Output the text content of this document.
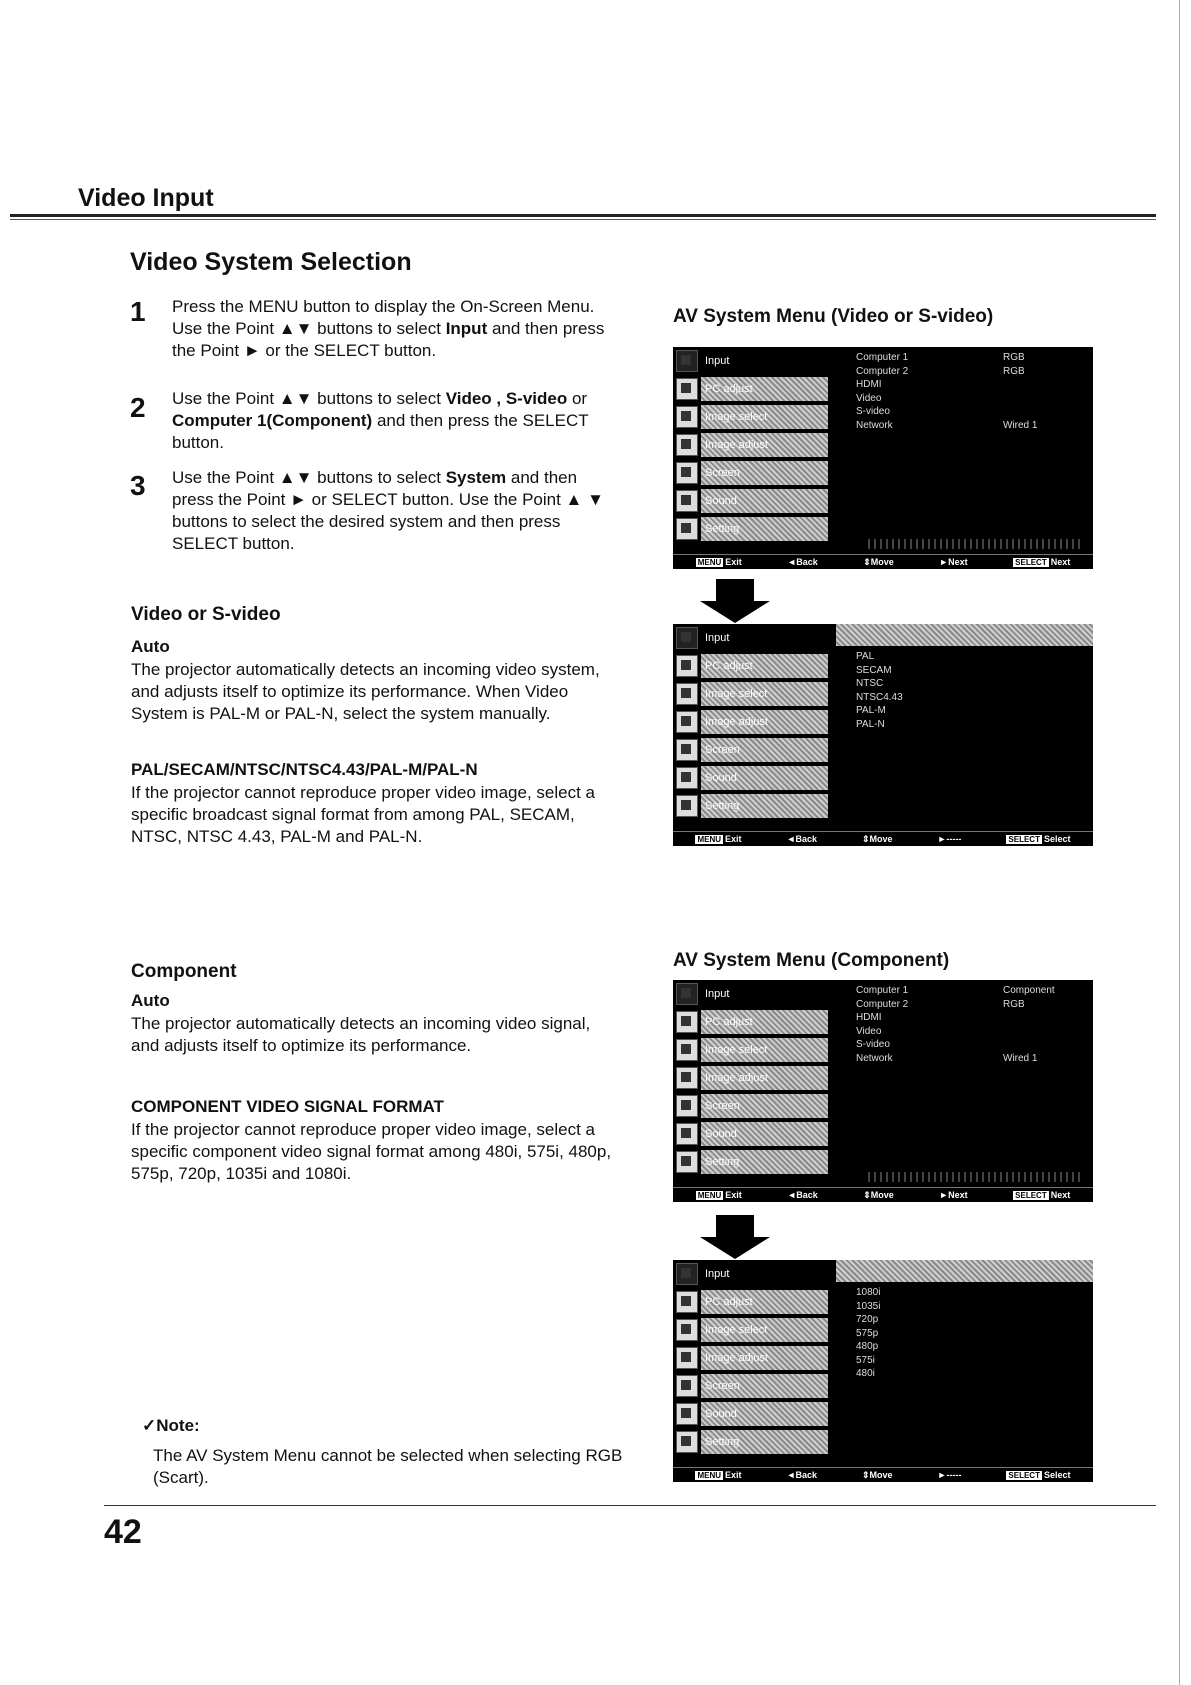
Video Input
Video System Selection
1 Press the MENU button to display the On-Screen Menu. Use the Point ▲▼ buttons to select Input and then press the Point ► or the SELECT button.
2 Use the Point ▲▼ buttons to select Video , S-video or Computer 1(Component) and then press the SELECT button.
3 Use the Point ▲▼ buttons to select System and then press the Point ► or SELECT button. Use the Point ▲ ▼ buttons to select the desired system and then press SELECT button.
Video or S-video
Auto
The projector automatically detects an incoming video system, and adjusts itself to optimize its performance. When Video System is PAL-M or PAL-N, select the system manually.
PAL/SECAM/NTSC/NTSC4.43/PAL-M/PAL-N
If the projector cannot reproduce proper video image, select a specific broadcast signal format from among PAL, SECAM, NTSC, NTSC 4.43, PAL-M and PAL-N.
Component
Auto
The projector automatically detects an incoming video signal, and adjusts itself to optimize its performance.
COMPONENT VIDEO SIGNAL FORMAT
If the projector cannot reproduce proper video image, select a specific component video signal format among 480i, 575i, 480p, 575p, 720p, 1035i and 1080i.
✓Note:
The AV System Menu cannot be selected when selecting RGB (Scart).
AV System Menu (Video or S-video)
AV System Menu (Component)
Input
PC adjust
Image select
Image adjust
Screen
Sound
Setting
Computer 1	RGB
Computer 2	RGB
HDMI
Video
S-video
Network	Wired 1
MENU Exit	◄Back	⇕Move	►Next	SELECT Next
Input
PC adjust
Image select
Image adjust
Screen
Sound
Setting
PAL
SECAM
NTSC
NTSC4.43
PAL-M
PAL-N
MENU Exit	◄Back	⇕Move	►-----	SELECT Select
Input
PC adjust
Image select
Image adjust
Screen
Sound
Setting
Computer 1	Component
Computer 2	RGB
HDMI
Video
S-video
Network	Wired 1
MENU Exit	◄Back	⇕Move	►Next	SELECT Next
Input
PC adjust
Image select
Image adjust
Screen
Sound
Setting
1080i
1035i
720p
575p
480p
575i
480i
MENU Exit	◄Back	⇕Move	►-----	SELECT Select
42
